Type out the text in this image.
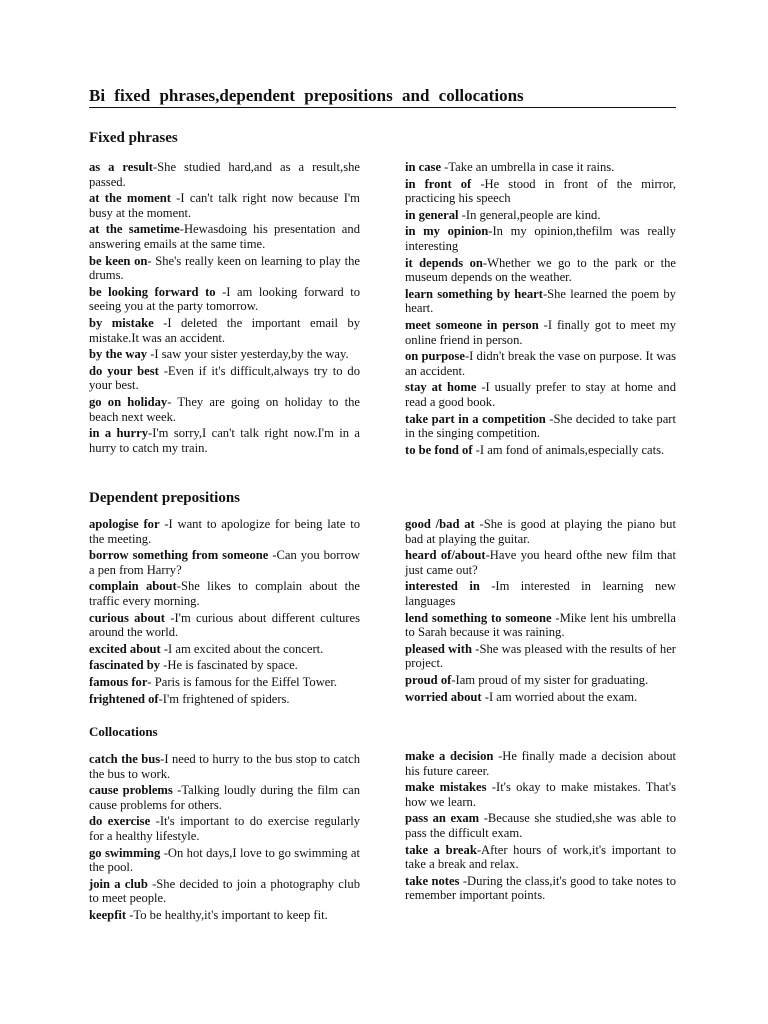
Bi fixed phrases,dependent prepositions and collocations
Fixed phrases
as a result-She studied hard,and as a result,she passed.
at the moment -I can't talk right now because I'm busy at the moment.
at the sametime-Hewasdoing his presentation and answering emails at the same time.
be keen on- She's really keen on learning to play the drums.
be looking forward to -I am looking forward to seeing you at the party tomorrow.
by mistake -I deleted the important email by mistake.It was an accident.
by the way -I saw your sister yesterday,by the way.
do your best -Even if it's difficult,always try to do your best.
go on holiday- They are going on holiday to the beach next week.
in a hurry-I'm sorry,I can't talk right now.I'm in a hurry to catch my train.
in case -Take an umbrella in case it rains.
in front of -He stood in front of the mirror, practicing his speech
in general -In general,people are kind.
in my opinion-In my opinion,thefilm was really interesting
it depends on-Whether we go to the park or the museum depends on the weather.
learn something by heart-She learned the poem by heart.
meet someone in person -I finally got to meet my online friend in person.
on purpose-I didn't break the vase on purpose. It was an accident.
stay at home -I usually prefer to stay at home and read a good book.
take part in a competition -She decided to take part in the singing competition.
to be fond of -I am fond of animals,especially cats.
Dependent prepositions
apologise for -I want to apologize for being late to the meeting.
borrow something from someone -Can you borrow a pen from Harry?
complain about-She likes to complain about the traffic every morning.
curious about -I'm curious about different cultures around the world.
excited about -I am excited about the concert.
fascinated by -He is fascinated by space.
famous for- Paris is famous for the Eiffel Tower.
frightened of-I'm frightened of spiders.
good /bad at -She is good at playing the piano but bad at playing the guitar.
heard of/about-Have you heard ofthe new film that just came out?
interested in -Im interested in learning new languages
lend something to someone -Mike lent his umbrella to Sarah because it was raining.
pleased with -She was pleased with the results of her project.
proud of-Iam proud of my sister for graduating.
worried about -I am worried about the exam.
Collocations
catch the bus-I need to hurry to the bus stop to catch the bus to work.
cause problems -Talking loudly during the film can cause problems for others.
do exercise -It's important to do exercise regularly for a healthy lifestyle.
go swimming -On hot days,I love to go swimming at the pool.
join a club -She decided to join a photography club to meet people.
keepfit -To be healthy,it's important to keep fit.
make a decision -He finally made a decision about his future career.
make mistakes -It's okay to make mistakes. That's how we learn.
pass an exam -Because she studied,she was able to pass the difficult exam.
take a break-After hours of work,it's important to take a break and relax.
take notes -During the class,it's good to take notes to remember important points.
